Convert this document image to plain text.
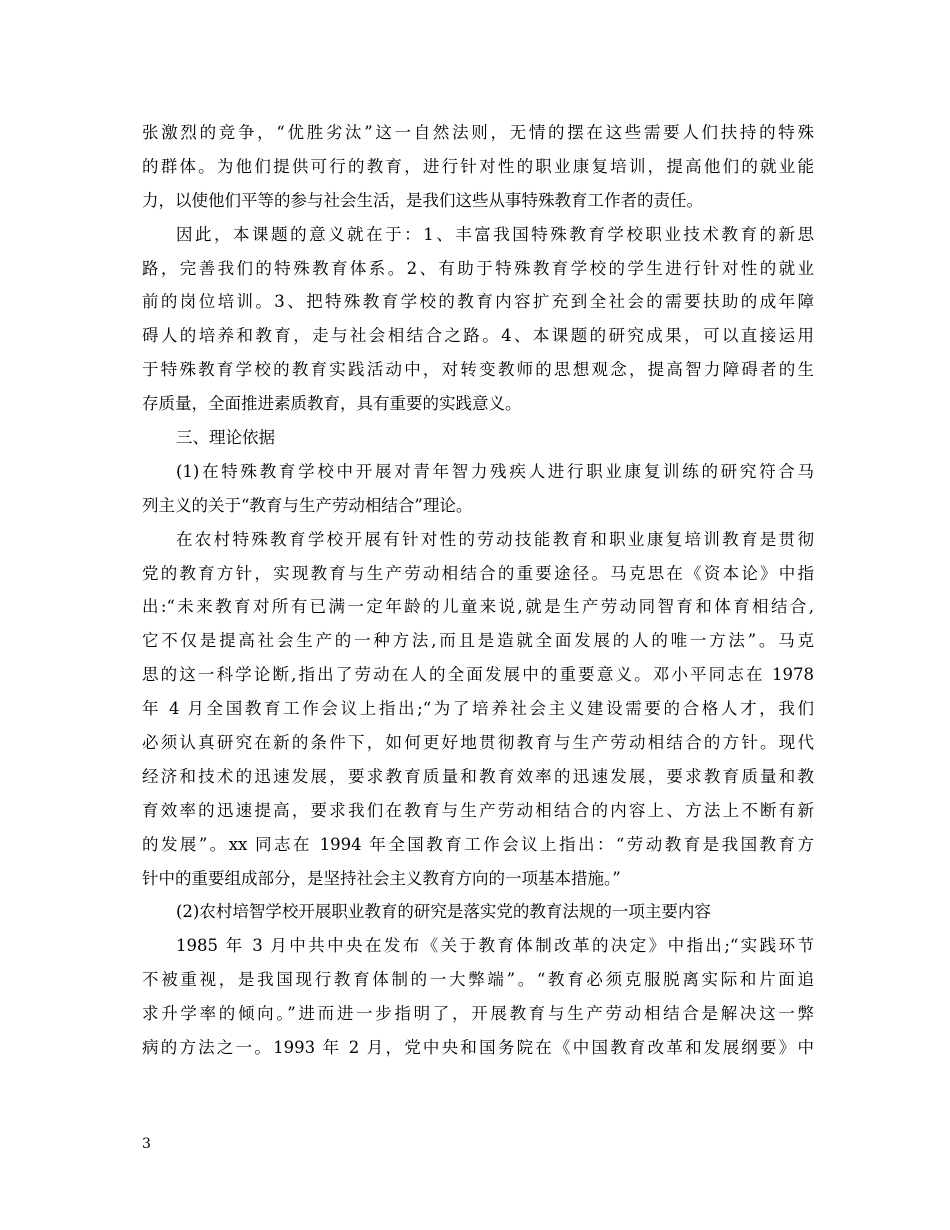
张激烈的竞争，“优胜劣汰”这一自然法则，无情的摆在这些需要人们扶持的特殊
的群体。为他们提供可行的教育，进行针对性的职业康复培训，提高他们的就业能
力，以使他们平等的参与社会生活，是我们这些从事特殊教育工作者的责任。
因此，本课题的意义就在于：1、丰富我国特殊教育学校职业技术教育的新思
路，完善我们的特殊教育体系。2、有助于特殊教育学校的学生进行针对性的就业
前的岗位培训。3、把特殊教育学校的教育内容扩充到全社会的需要扶助的成年障
碍人的培养和教育，走与社会相结合之路。4、本课题的研究成果，可以直接运用
于特殊教育学校的教育实践活动中，对转变教师的思想观念，提高智力障碍者的生
存质量，全面推进素质教育，具有重要的实践意义。
三、理论依据
(1)在特殊教育学校中开展对青年智力残疾人进行职业康复训练的研究符合马
列主义的关于“教育与生产劳动相结合”理论。
在农村特殊教育学校开展有针对性的劳动技能教育和职业康复培训教育是贯彻
党的教育方针，实现教育与生产劳动相结合的重要途径。马克思在《资本论》中指
出:“未来教育对所有已满一定年龄的儿童来说,就是生产劳动同智育和体育相结合,
它不仅是提高社会生产的一种方法,而且是造就全面发展的人的唯一方法”。马克
思的这一科学论断,指出了劳动在人的全面发展中的重要意义。邓小平同志在 1978
年 4 月全国教育工作会议上指出;“为了培养社会主义建设需要的合格人才，我们
必须认真研究在新的条件下，如何更好地贯彻教育与生产劳动相结合的方针。现代
经济和技术的迅速发展，要求教育质量和教育效率的迅速发展，要求教育质量和教
育效率的迅速提高，要求我们在教育与生产劳动相结合的内容上、方法上不断有新
的发展”。xx 同志在 1994 年全国教育工作会议上指出：“劳动教育是我国教育方
针中的重要组成部分，是坚持社会主义教育方向的一项基本措施。”
(2)农村培智学校开展职业教育的研究是落实党的教育法规的一项主要内容
1985 年 3 月中共中央在发布《关于教育体制改革的决定》中指出;“实践环节
不被重视，是我国现行教育体制的一大弊端”。“教育必须克服脱离实际和片面追
求升学率的倾向。”进而进一步指明了，开展教育与生产劳动相结合是解决这一弊
病的方法之一。1993 年 2 月，党中央和国务院在《中国教育改革和发展纲要》中
3
